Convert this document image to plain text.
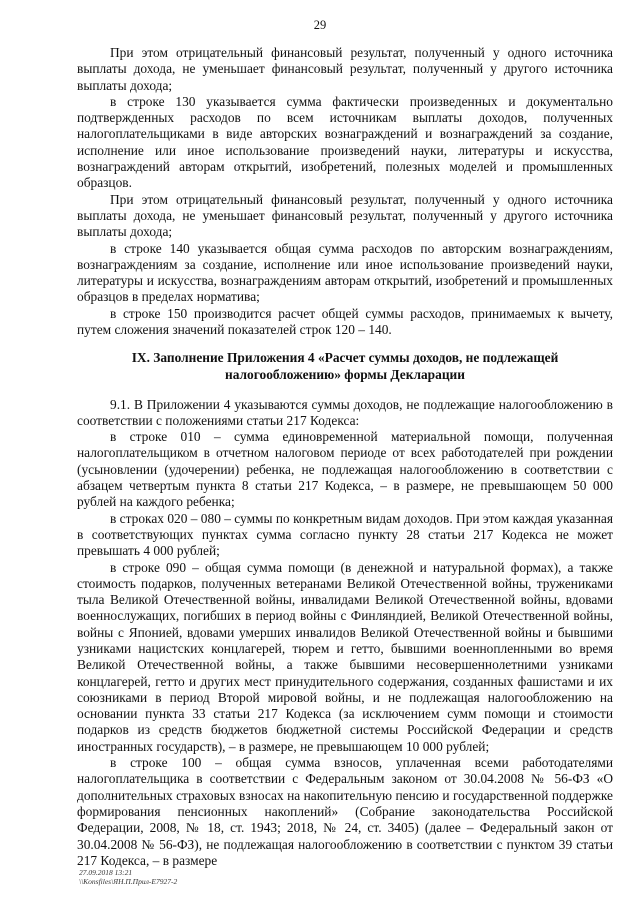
29

При этом отрицательный финансовый результат, полученный у одного источника выплаты дохода, не уменьшает финансовый результат, полученный у другого источника выплаты дохода;

в строке 130 указывается сумма фактически произведенных и документально подтвержденных расходов по всем источникам выплаты доходов, полученных налогоплательщиками в виде авторских вознаграждений и вознаграждений за создание, исполнение или иное использование произведений науки, литературы и искусства, вознаграждений авторам открытий, изобретений, полезных моделей и промышленных образцов.

При этом отрицательный финансовый результат, полученный у одного источника выплаты дохода, не уменьшает финансовый результат, полученный у другого источника выплаты дохода;

в строке 140 указывается общая сумма расходов по авторским вознаграждениям, вознаграждениям за создание, исполнение или иное использование произведений науки, литературы и искусства, вознаграждениям авторам открытий, изобретений и промышленных образцов в пределах норматива;

в строке 150 производится расчет общей суммы расходов, принимаемых к вычету, путем сложения значений показателей строк 120 – 140.

IX. Заполнение Приложения 4 «Расчет суммы доходов, не подлежащей налогообложению» формы Декларации

9.1. В Приложении 4 указываются суммы доходов, не подлежащие налогообложению в соответствии с положениями статьи 217 Кодекса:

в строке 010 – сумма единовременной материальной помощи, полученная налогоплательщиком в отчетном налоговом периоде от всех работодателей при рождении (усыновлении (удочерении) ребенка, не подлежащая налогообложению в соответствии с абзацем четвертым пункта 8 статьи 217 Кодекса, – в размере, не превышающем 50 000 рублей на каждого ребенка;

в строках 020 – 080 – суммы по конкретным видам доходов. При этом каждая указанная в соответствующих пунктах сумма согласно пункту 28 статьи 217 Кодекса не может превышать 4 000 рублей;

в строке 090 – общая сумма помощи (в денежной и натуральной формах), а также стоимость подарков, полученных ветеранами Великой Отечественной войны, тружениками тыла Великой Отечественной войны, инвалидами Великой Отечественной войны, вдовами военнослужащих, погибших в период войны с Финляндией, Великой Отечественной войны, войны с Японией, вдовами умерших инвалидов Великой Отечественной войны и бывшими узниками нацистских концлагерей, тюрем и гетто, бывшими военнопленными во время Великой Отечественной войны, а также бывшими несовершеннолетними узниками концлагерей, гетто и других мест принудительного содержания, созданных фашистами и их союзниками в период Второй мировой войны, и не подлежащая налогообложению на основании пункта 33 статьи 217 Кодекса (за исключением сумм помощи и стоимости подарков из средств бюджетов бюджетной системы Российской Федерации и средств иностранных государств), – в размере, не превышающем 10 000 рублей;

в строке 100 – общая сумма взносов, уплаченная всеми работодателями налогоплательщика в соответствии с Федеральным законом от 30.04.2008 № 56-ФЗ «О дополнительных страховых взносах на накопительную пенсию и государственной поддержке формирования пенсионных накоплений» (Собрание законодательства Российской Федерации, 2008, № 18, ст. 1943; 2018, № 24, ст. 3405) (далее – Федеральный закон от 30.04.2008 № 56-ФЗ), не подлежащая налогообложению в соответствии с пунктом 39 статьи 217 Кодекса, – в размере

27.09.2018 13:21
\\Konsfiles\ЯН.П.Прил-E7927-2
